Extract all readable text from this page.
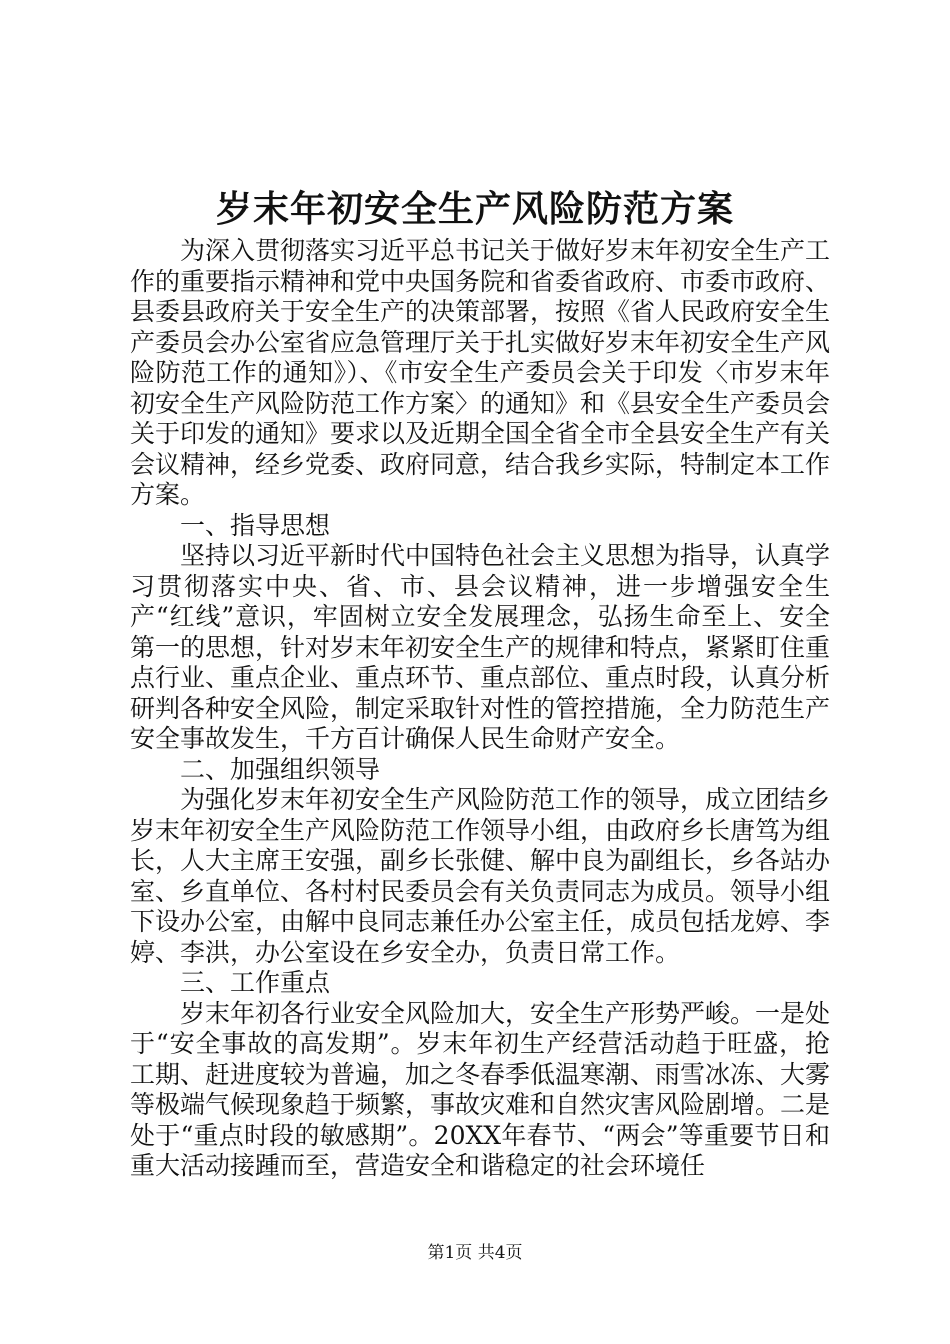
岁末年初安全生产风险防范方案

为深入贯彻落实习近平总书记关于做好岁末年初安全生产工作的重要指示精神和党中央国务院和省委省政府、市委市政府、县委县政府关于安全生产的决策部署，按照《省人民政府安全生产委员会办公室省应急管理厅关于扎实做好岁末年初安全生产风险防范工作的通知》）、《市安全生产委员会关于印发〈市岁末年初安全生产风险防范工作方案〉的通知》和《县安全生产委员会关于印发的通知》要求以及近期全国全省全市全县安全生产有关会议精神，经乡党委、政府同意，结合我乡实际，特制定本工作方案。

一、指导思想

坚持以习近平新时代中国特色社会主义思想为指导，认真学习贯彻落实中央、省、市、县会议精神，进一步增强安全生产“红线”意识，牢固树立安全发展理念，弘扬生命至上、安全第一的思想，针对岁末年初安全生产的规律和特点，紧紧盯住重点行业、重点企业、重点环节、重点部位、重点时段，认真分析研判各种安全风险，制定采取针对性的管控措施，全力防范生产安全事故发生，千方百计确保人民生命财产安全。

二、加强组织领导

为强化岁末年初安全生产风险防范工作的领导，成立团结乡岁末年初安全生产风险防范工作领导小组，由政府乡长唐笃为组长，人大主席王安强，副乡长张健、解中良为副组长，乡各站办室、乡直单位、各村村民委员会有关负责同志为成员。领导小组下设办公室，由解中良同志兼任办公室主任，成员包括龙婷、李婷、李洪，办公室设在乡安全办，负责日常工作。

三、工作重点

岁末年初各行业安全风险加大，安全生产形势严峻。一是处于“安全事故的高发期”。岁末年初生产经营活动趋于旺盛，抢工期、赶进度较为普遍，加之冬春季低温寒潮、雨雪冰冻、大雾等极端气候现象趋于频繁，事故灾难和自然灾害风险剧增。二是处于“重点时段的敏感期”。20XX年春节、“两会”等重要节日和重大活动接踵而至，营造安全和谐稳定的社会环境任

第1页 共4页
